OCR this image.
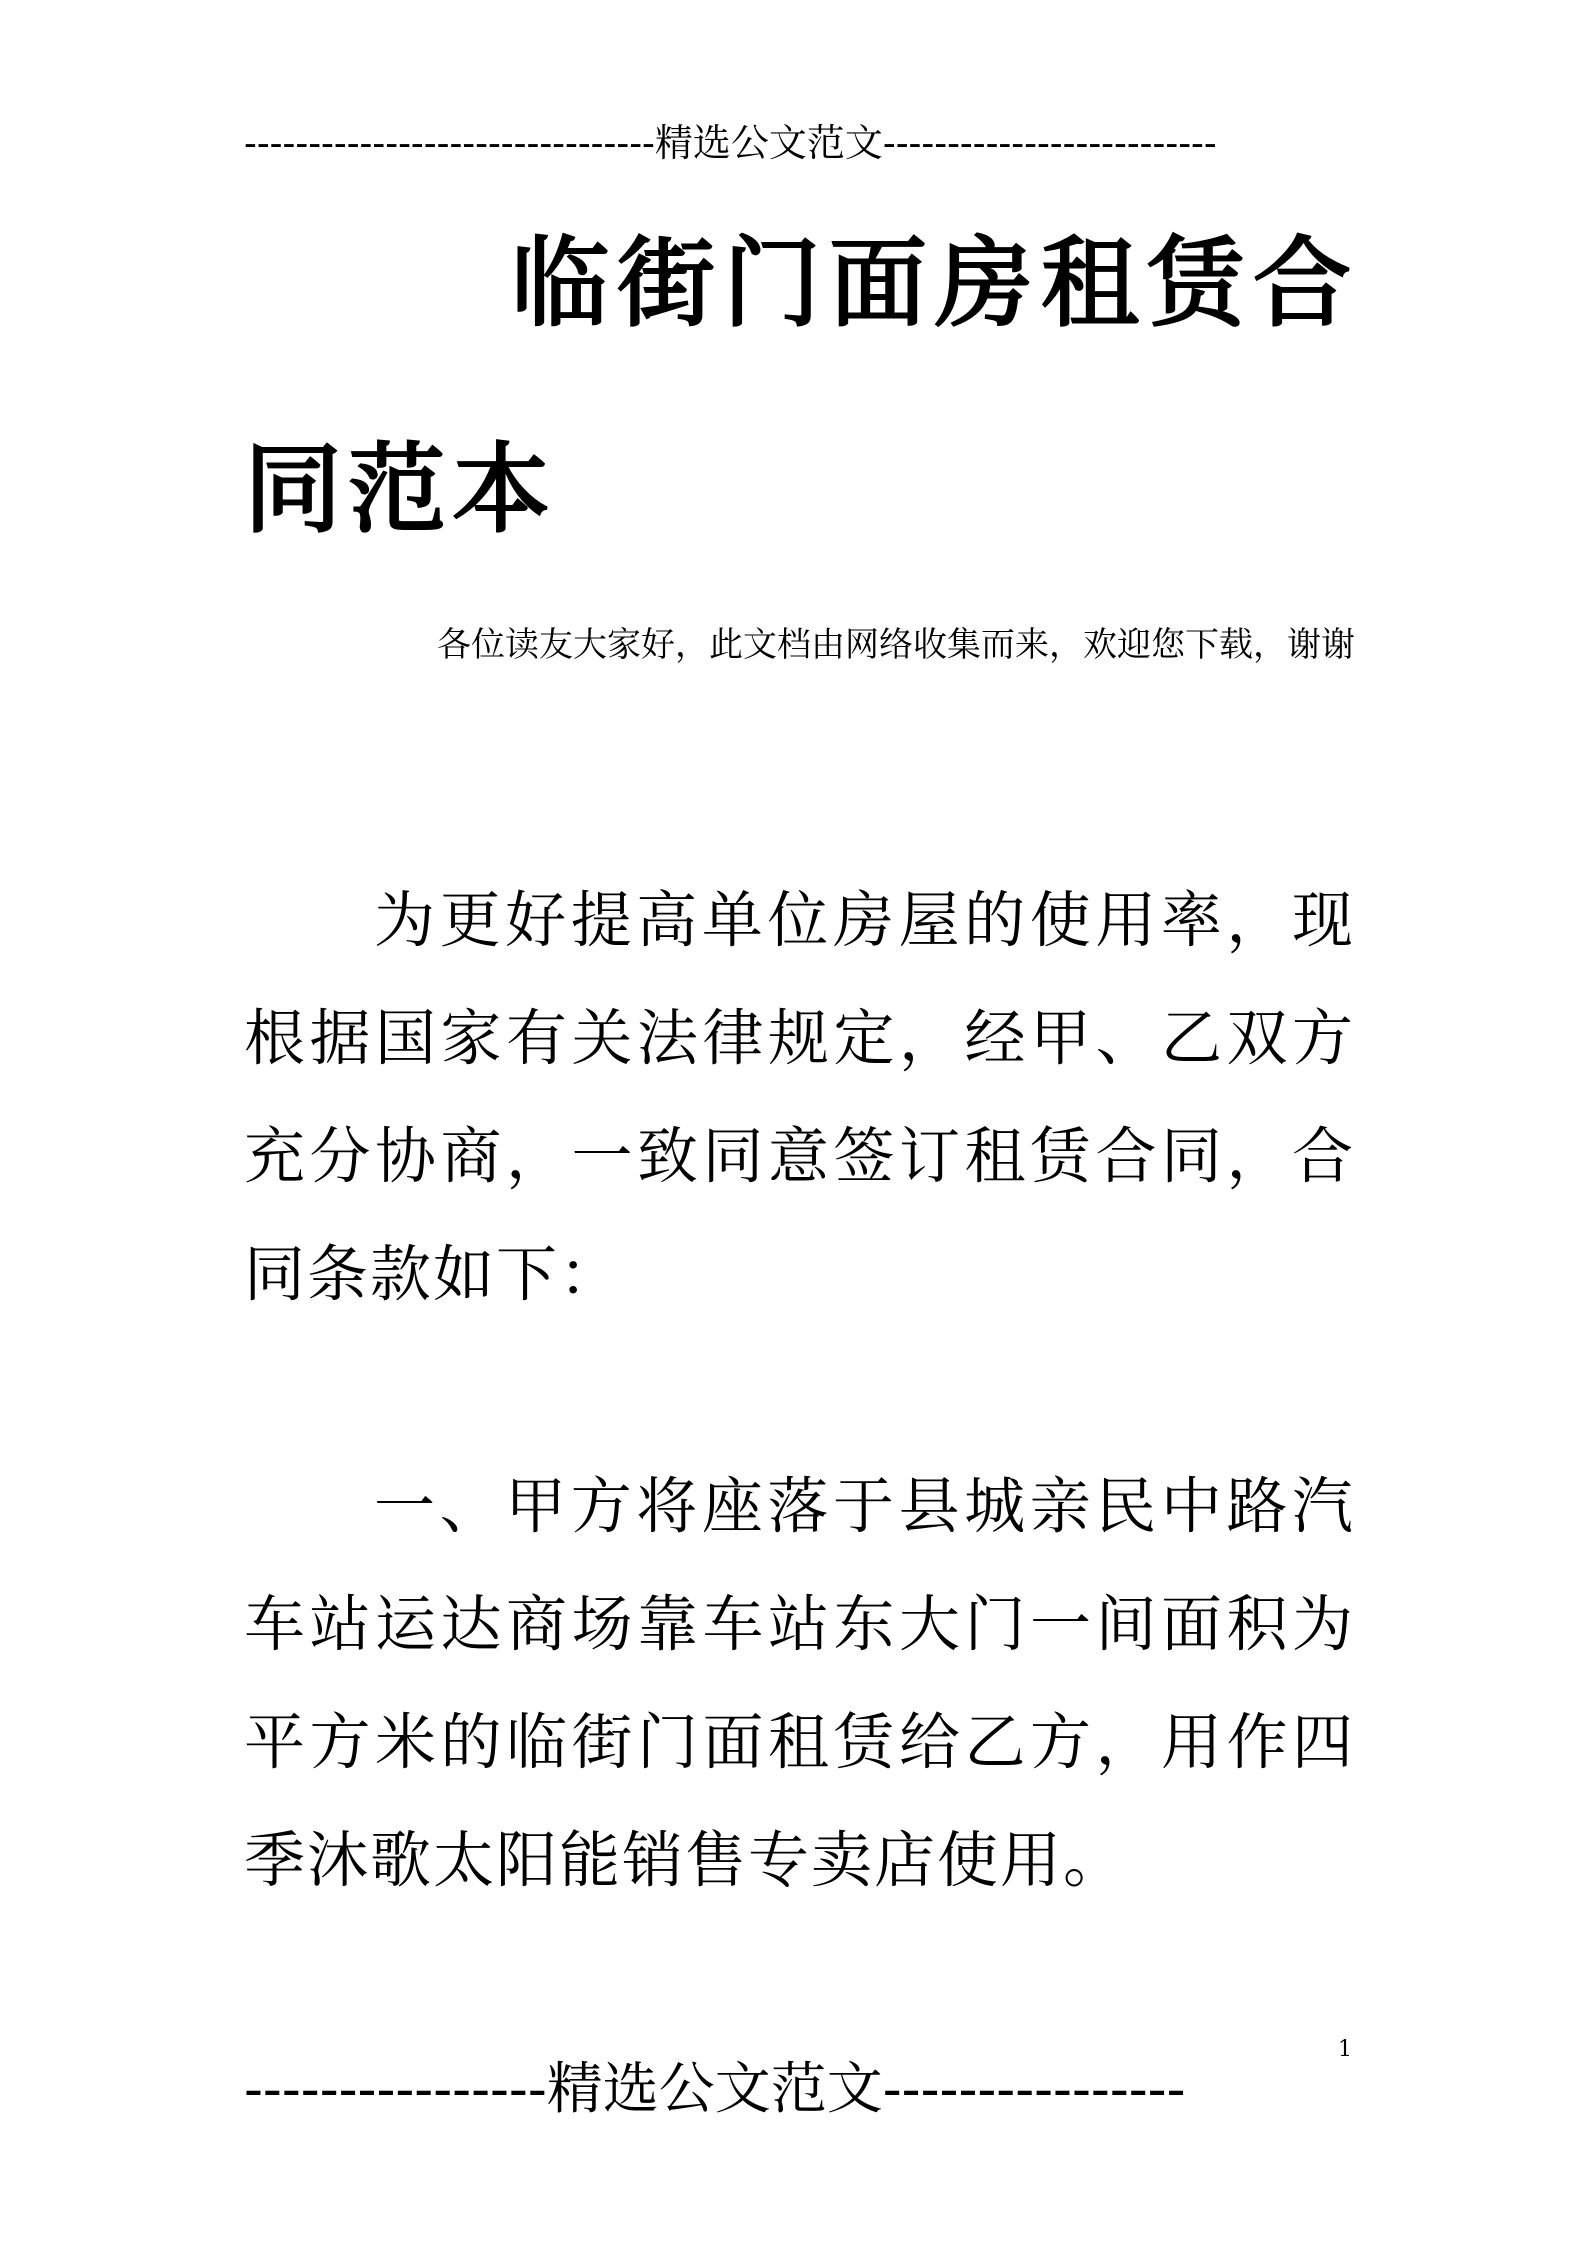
--------------------------------精选公文范文--------------------------
临街门面房租赁合
同范本
各位读友大家好，此文档由网络收集而来，欢迎您下载，谢谢

为更好提高单位房屋的使用率，现根据国家有关法律规定，经甲、乙双方充分协商，一致同意签订租赁合同，合同条款如下：

一、甲方将座落于县城亲民中路汽车站运达商场靠车站东大门一间面积为平方米的临街门面租赁给乙方，用作四季沐歌太阳能销售专卖店使用。

1
----------------精选公文范文----------------
